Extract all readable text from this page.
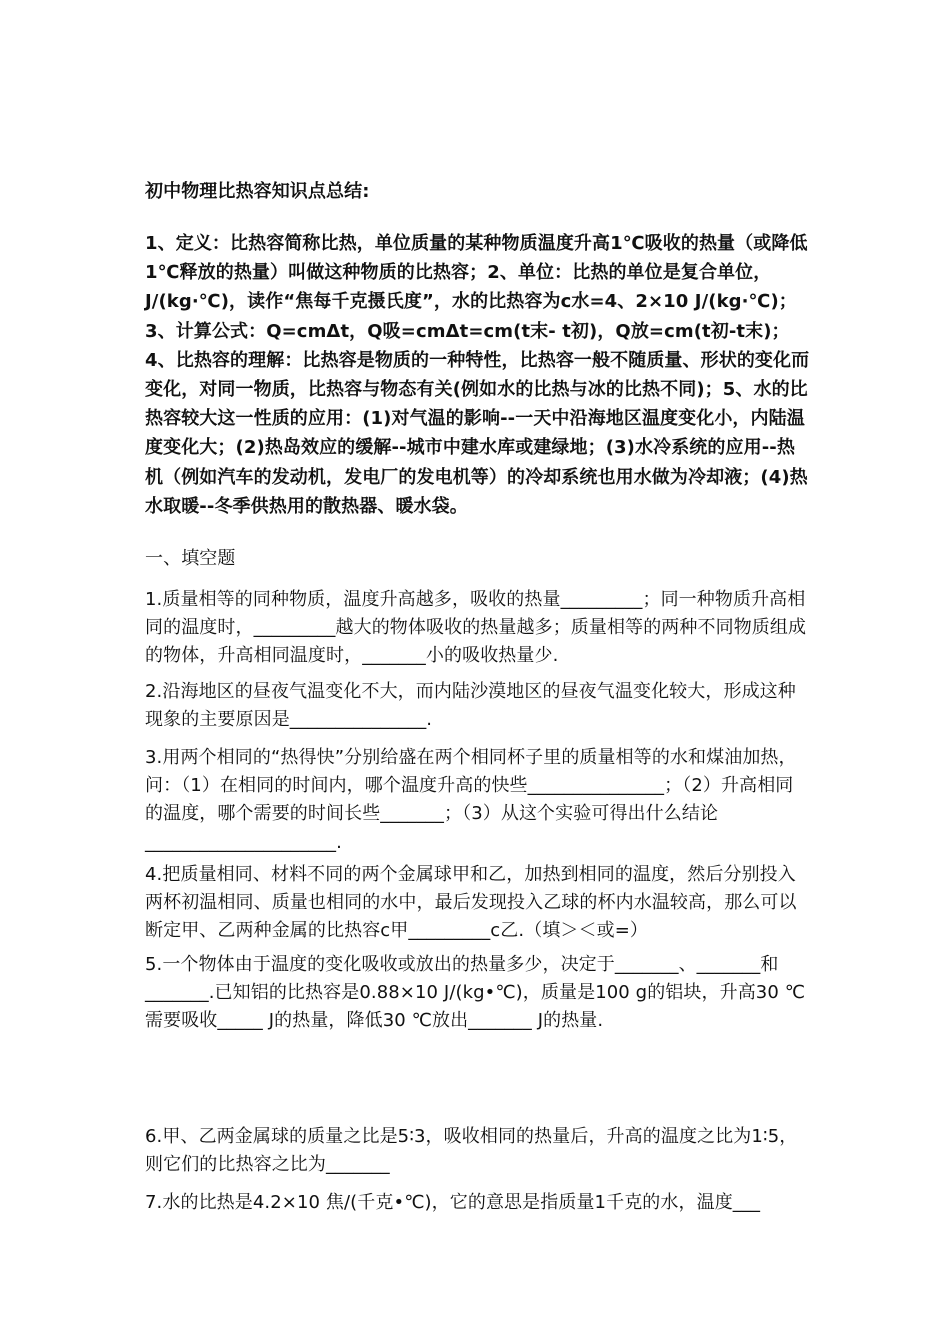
初中物理比热容知识点总结:
1、定义：比热容简称比热，单位质量的某种物质温度升高1℃吸收的热量（或降低1℃释放的热量）叫做这种物质的比热容；2、单位：比热的单位是复合单位，J/(kg·℃)，读作“焦每千克摄氏度”，水的比热容为c水=4、2×10 J/(kg·℃)；3、计算公式：Q=cmΔt，Q吸=cmΔt=cm(t末- t初)，Q放=cm(t初-t末)；4、比热容的理解：比热容是物质的一种特性，比热容一般不随质量、形状的变化而变化，对同一物质，比热容与物态有关(例如水的比热与冰的比热不同)；5、水的比热容较大这一性质的应用：(1)对气温的影响--一天中沿海地区温度变化小，内陆温度变化大；(2)热岛效应的缓解--城市中建水库或建绿地；(3)水冷系统的应用--热机（例如汽车的发动机，发电厂的发电机等）的冷却系统也用水做为冷却液；(4)热水取暖--冬季供热用的散热器、暖水袋。
一、填空题
1.质量相等的同种物质，温度升高越多，吸收的热量_________；同一种物质升高相同的温度时，_________越大的物体吸收的热量越多；质量相等的两种不同物质组成的物体，升高相同温度时，_______小的吸收热量少.
2.沿海地区的昼夜气温变化不大，而内陆沙漠地区的昼夜气温变化较大，形成这种现象的主要原因是_______________.
3.用两个相同的“热得快”分别给盛在两个相同杯子里的质量相等的水和煤油加热，问：（1）在相同的时间内，哪个温度升高的快些_______________；（2）升高相同的温度，哪个需要的时间长些_______；（3）从这个实验可得出什么结论_____________________.
4.把质量相同、材料不同的两个金属球甲和乙，加热到相同的温度，然后分别投入两杯初温相同、质量也相同的水中，最后发现投入乙球的杯内水温较高，那么可以断定甲、乙两种金属的比热容c甲_________c乙.（填＞＜或=）
5.一个物体由于温度的变化吸收或放出的热量多少，决定于_______、_______和_______.已知铝的比热容是0.88×10 J/(kg•℃)，质量是100 g的铝块，升高30 ℃需要吸收_____ J的热量，降低30 ℃放出_______ J的热量.
6.甲、乙两金属球的质量之比是5∶3，吸收相同的热量后，升高的温度之比为1∶5，则它们的比热容之比为_______
7.水的比热是4.2×10 焦/(千克•℃)，它的意思是指质量1千克的水，温度___
